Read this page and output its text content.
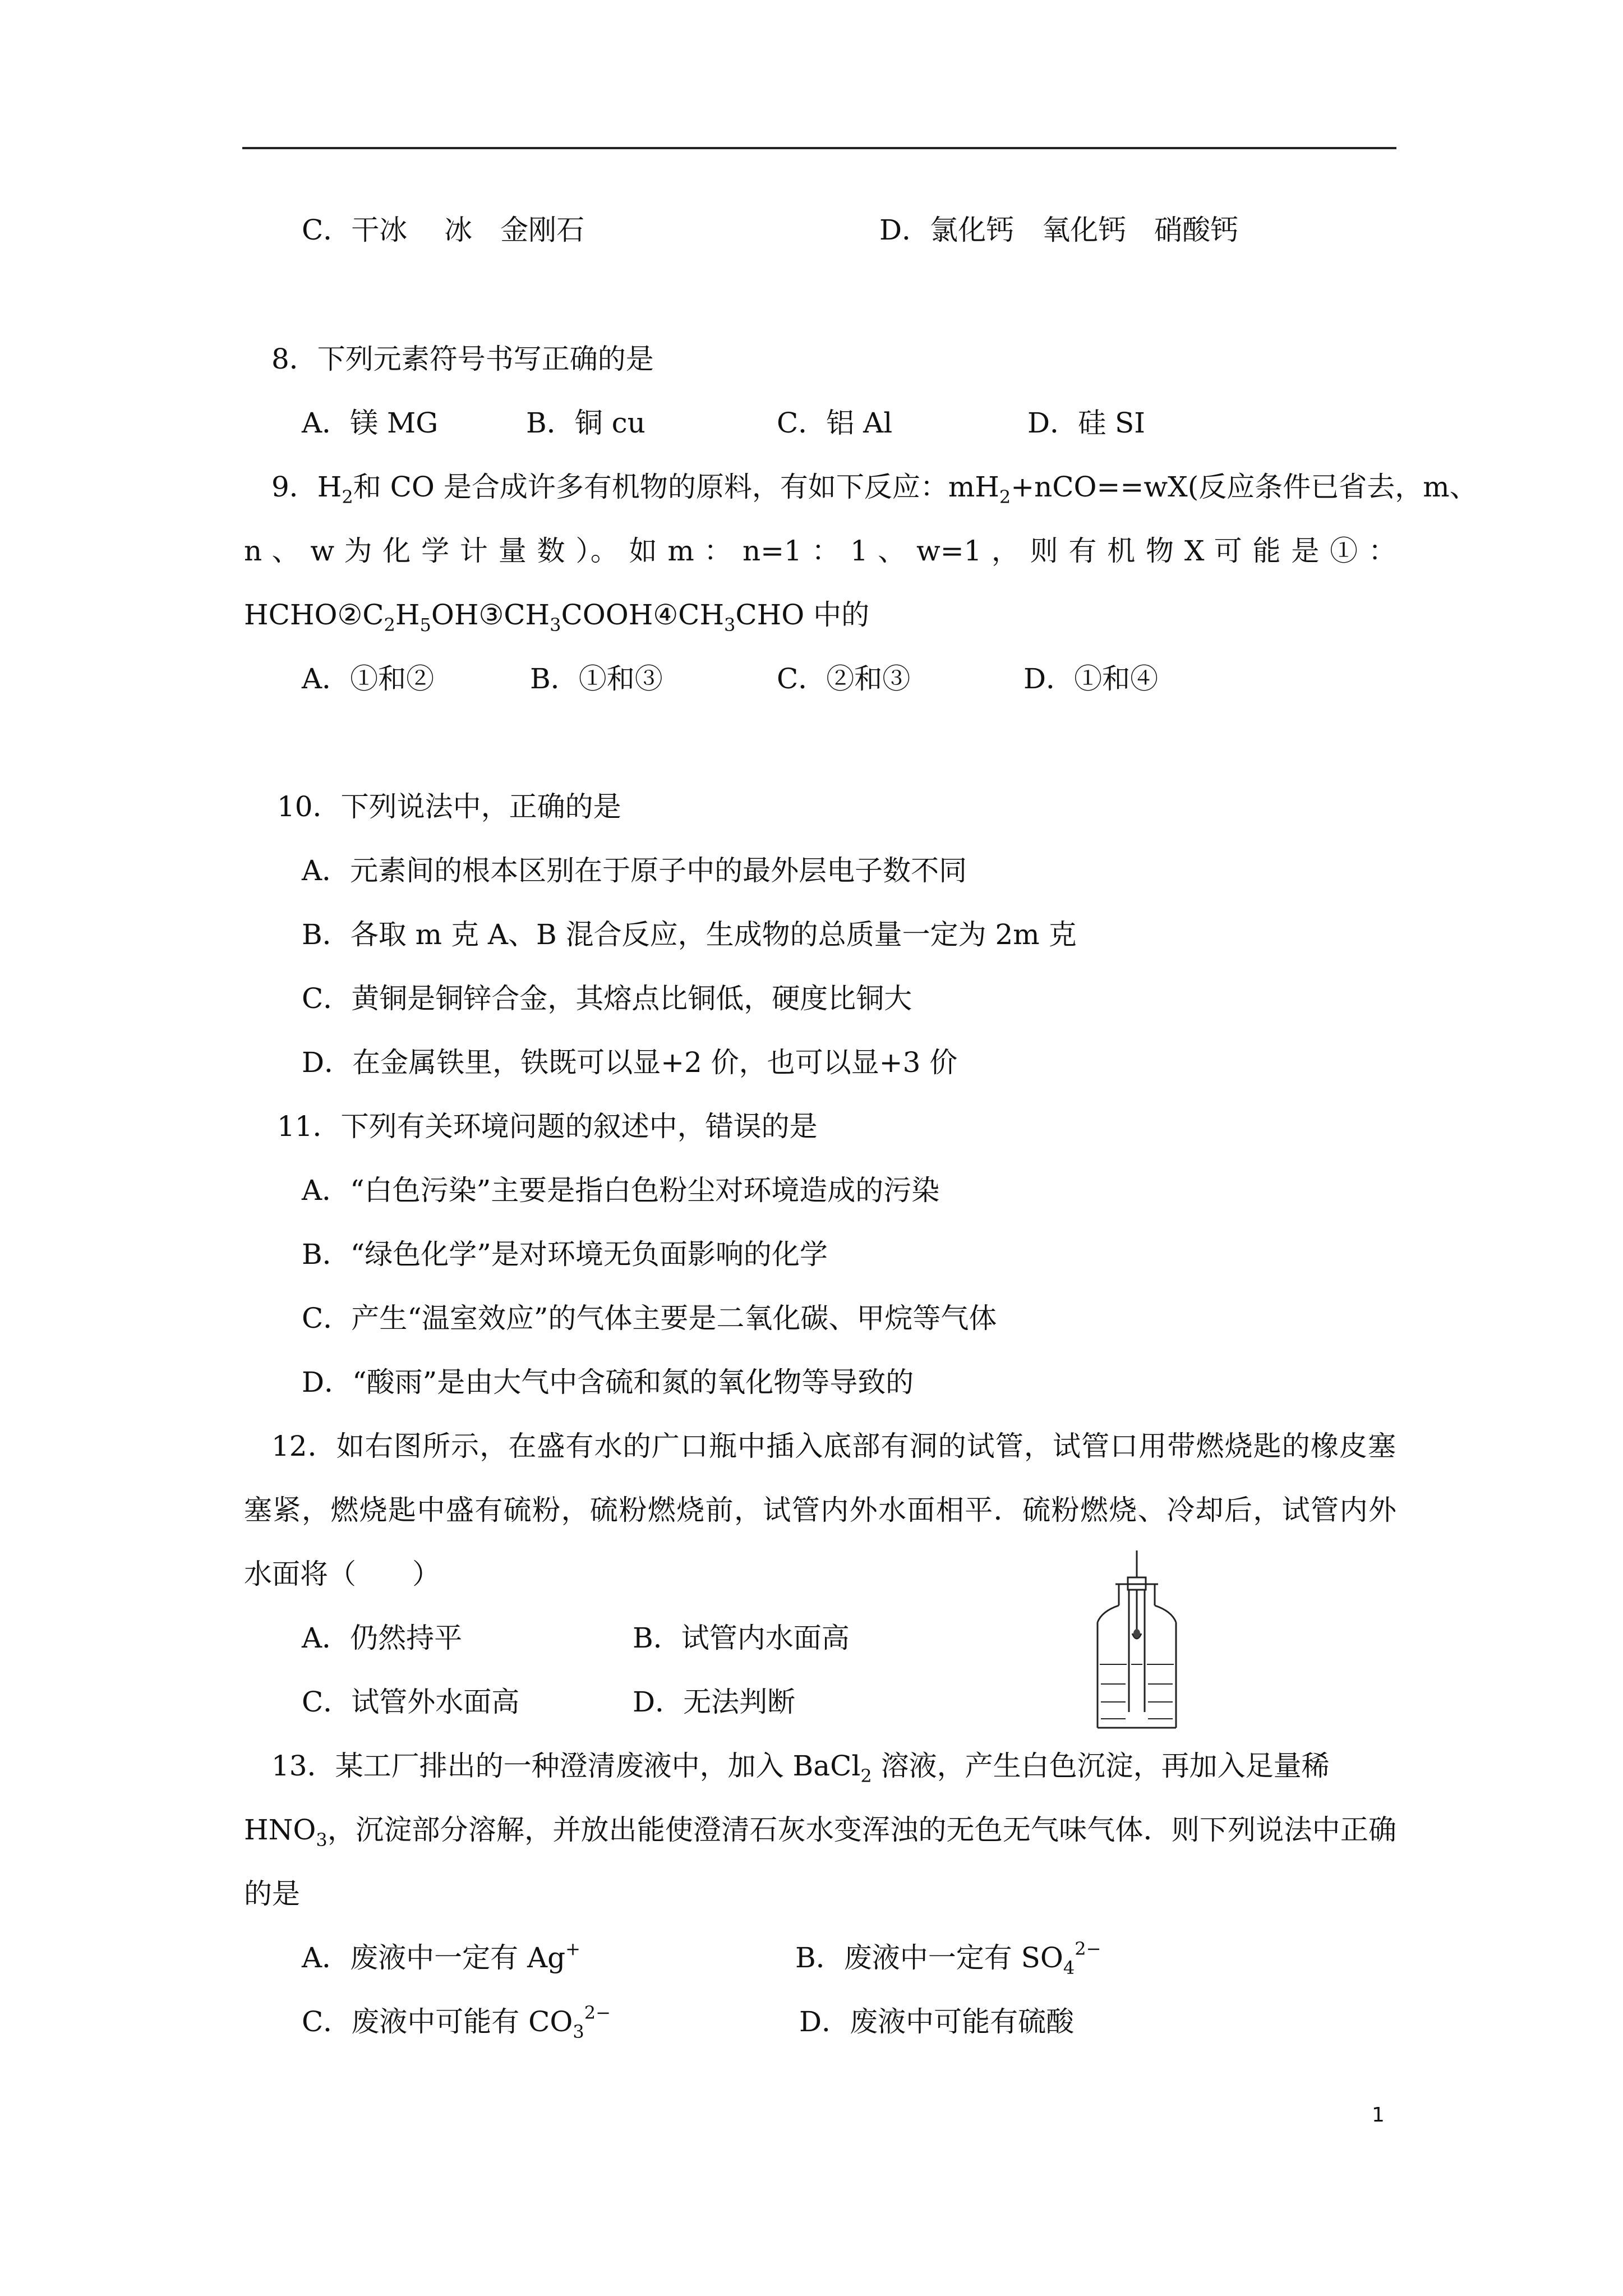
C．干冰　 冰　金刚石	D．氯化钙　氧化钙　硝酸钙
8．下列元素符号书写正确的是
A．镁 MG	B．铜 cu	C．铝 Al	D．硅 SI
9．$H_2$和 CO 是合成许多有机物的原料，有如下反应：$mH_2+nCO==wX$(反应条件已省去，m、
n 、 w 为 化 学 计 量 数 ）。 如 m ： n=1 ： 1 、 w=1 ， 则 有 机 物 X 可 能 是 ① ：
$HCHO②C_2H_5OH③CH_3COOH④CH_3CHO$ 中的
A．①和②	B．①和③	C．②和③	D．①和④
10．下列说法中，正确的是
A．元素间的根本区别在于原子中的最外层电子数不同
B．各取 m 克 A、B 混合反应，生成物的总质量一定为 2m 克
C．黄铜是铜锌合金，其熔点比铜低，硬度比铜大
D．在金属铁里，铁既可以显+2 价，也可以显+3 价
11．下列有关环境问题的叙述中，错误的是
A．“白色污染”主要是指白色粉尘对环境造成的污染
B．“绿色化学”是对环境无负面影响的化学
C．产生“温室效应”的气体主要是二氧化碳、甲烷等气体
D．“酸雨”是由大气中含硫和氮的氧化物等导致的
12．如右图所示，在盛有水的广口瓶中插入底部有洞的试管，试管口用带燃烧匙的橡皮塞
塞紧，燃烧匙中盛有硫粉，硫粉燃烧前，试管内外水面相平．硫粉燃烧、冷却后，试管内外
水面将（　　）
A．仍然持平	B．试管内水面高
C．试管外水面高	D．无法判断
13．某工厂排出的一种澄清废液中，加入 BaCl$_2$ 溶液，产生白色沉淀，再加入足量稀
$HNO_3$，沉淀部分溶解，并放出能使澄清石灰水变浑浊的无色无气味气体．则下列说法中正确
的是
A．废液中一定有 Ag+	B．废液中一定有 $SO_4^{2-}$
C．废液中可能有 $CO_3^{2-}$	D．废液中可能有硫酸
1
